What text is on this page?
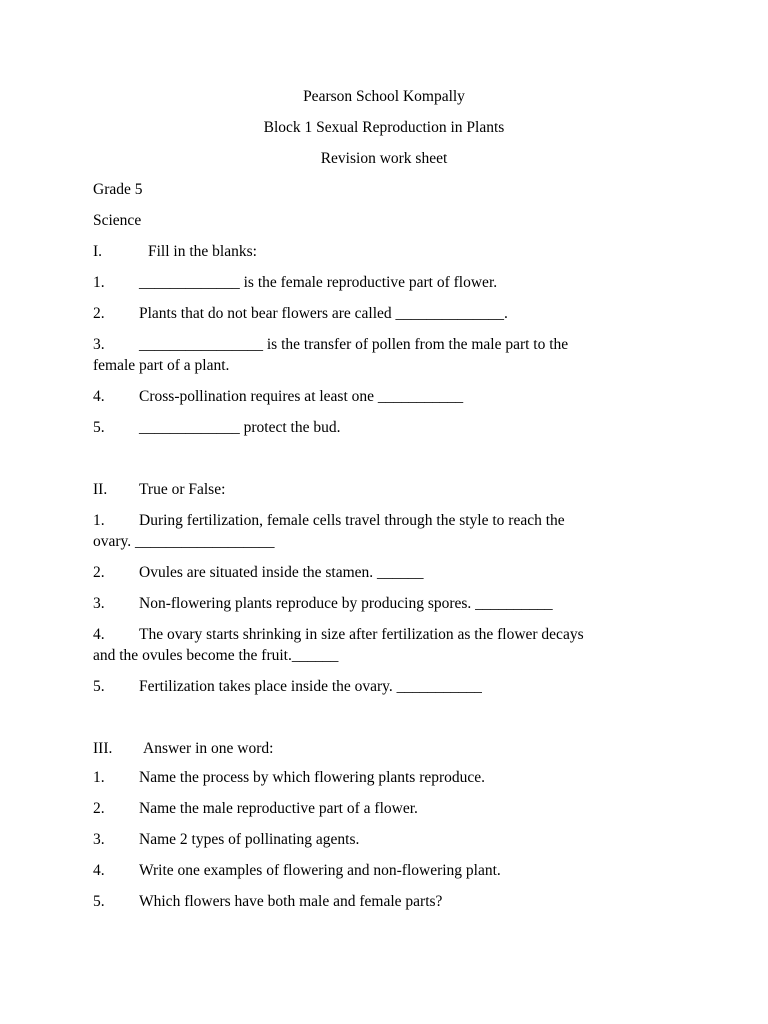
Pearson School Kompally
Block 1 Sexual Reproduction in Plants
Revision work sheet
Grade 5
Science
I.	Fill in the blanks:
1. _____________ is the female reproductive part of flower.
2. Plants that do not bear flowers are called ______________.
3. ________________ is the transfer of pollen from the male part to the
female part of a plant.
4. Cross-pollination requires at least one ___________
5. _____________ protect the bud.
II. True or False:
1. During fertilization, female cells travel through the style to reach the
ovary. __________________
2. Ovules are situated inside the stamen. ______
3. Non-flowering plants reproduce by producing spores. __________
4. The ovary starts shrinking in size after fertilization as the flower decays
and the ovules become the fruit.______
5. Fertilization takes place inside the ovary. ___________
III. Answer in one word:
1. Name the process by which flowering plants reproduce.
2. Name the male reproductive part of a flower.
3. Name 2 types of pollinating agents.
4. Write one examples of flowering and non-flowering plant.
5. Which flowers have both male and female parts?
